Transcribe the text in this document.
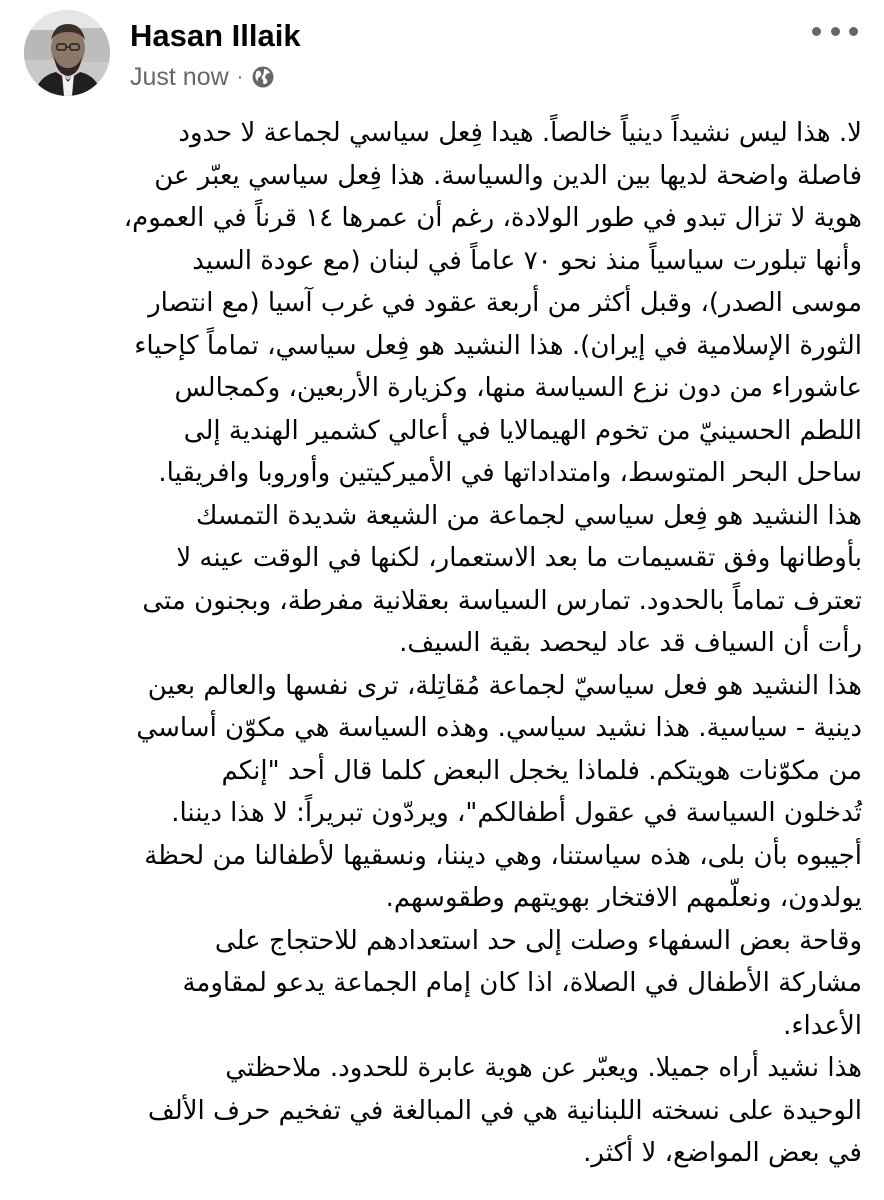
Hasan Illaik
Just now ·
لا. هذا ليس نشيداً دينياً خالصاً. هيدا فِعل سياسي لجماعة لا حدود
فاصلة واضحة لديها بين الدين والسياسة. هذا فِعل سياسي يعبّر عن
هوية لا تزال تبدو في طور الولادة، رغم أن عمرها ١٤ قرناً في العموم،
وأنها تبلورت سياسياً منذ نحو ٧٠ عاماً في لبنان (مع عودة السيد
موسى الصدر)، وقبل أكثر من أربعة عقود في غرب آسيا (مع انتصار
الثورة الإسلامية في إيران). هذا النشيد هو فِعل سياسي، تماماً كإحياء
عاشوراء من دون نزع السياسة منها، وكزيارة الأربعين، وكمجالس
اللطم الحسينيّ من تخوم الهيمالايا في أعالي كشمير الهندية إلى
ساحل البحر المتوسط، وامتداداتها في الأميركيتين وأوروبا وافريقيا.
هذا النشيد هو فِعل سياسي لجماعة من الشيعة شديدة التمسك
بأوطانها وفق تقسيمات ما بعد الاستعمار، لكنها في الوقت عينه لا
تعترف تماماً بالحدود. تمارس السياسة بعقلانية مفرطة، وبجنون متى
رأت أن السياف قد عاد ليحصد بقية السيف.
هذا النشيد هو فعل سياسيّ لجماعة مُقاتِلة، ترى نفسها والعالم بعين
دينية - سياسية. هذا نشيد سياسي. وهذه السياسة هي مكوّن أساسي
من مكوّنات هويتكم. فلماذا يخجل البعض كلما قال أحد "إنكم
تُدخلون السياسة في عقول أطفالكم"، ويردّون تبريراً: لا هذا ديننا.
أجيبوه بأن بلى، هذه سياستنا، وهي ديننا، ونسقيها لأطفالنا من لحظة
يولدون، ونعلّمهم الافتخار بهويتهم وطقوسهم.
وقاحة بعض السفهاء وصلت إلى حد استعدادهم للاحتجاج على
مشاركة الأطفال في الصلاة، اذا كان إمام الجماعة يدعو لمقاومة
الأعداء.
هذا نشيد أراه جميلا. ويعبّر عن هوية عابرة للحدود. ملاحظتي
الوحيدة على نسخته اللبنانية هي في المبالغة في تفخيم حرف الألف
في بعض المواضع، لا أكثر.
